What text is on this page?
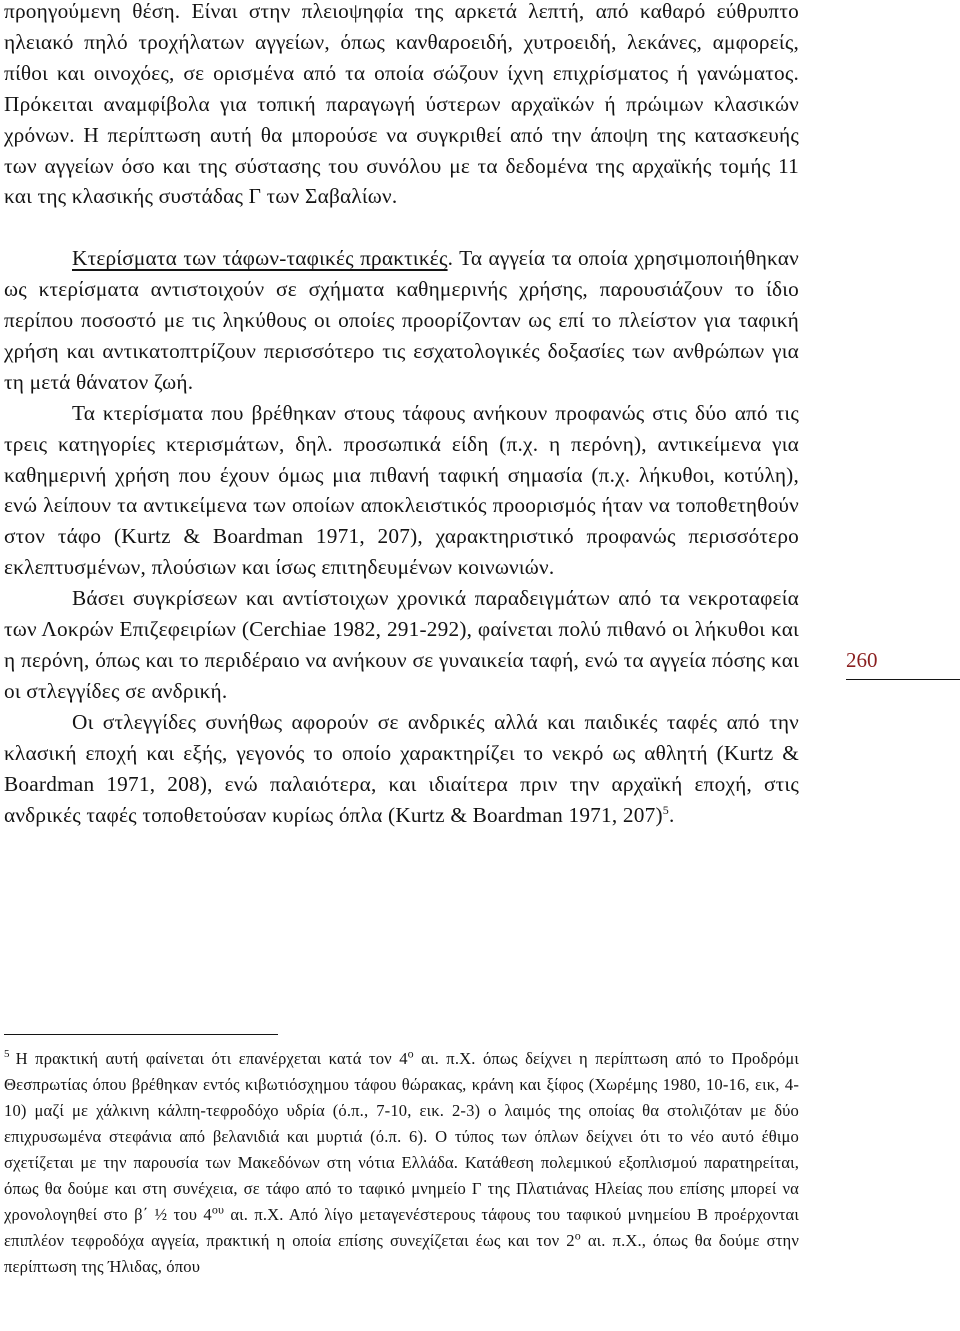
προηγούμενη θέση. Είναι στην πλειοψηφία της αρκετά λεπτή, από καθαρό εύθρυπτο ηλειακό πηλό τροχήλατων αγγείων, όπως κανθαροειδή, χυτροειδή, λεκάνες, αμφορείς, πίθοι και οινοχόες, σε ορισμένα από τα οποία σώζουν ίχνη επιχρίσματος ή γανώματος. Πρόκειται αναμφίβολα για τοπική παραγωγή ύστερων αρχαϊκών ή πρώιμων κλασικών χρόνων. Η περίπτωση αυτή θα μπορούσε να συγκριθεί από την άποψη της κατασκευής των αγγείων όσο και της σύστασης του συνόλου με τα δεδομένα της αρχαϊκής τομής 11 και της κλασικής συστάδας Γ των Σαβαλίων.

Κτερίσματα των τάφων-ταφικές πρακτικές. Τα αγγεία τα οποία χρησιμοποιήθηκαν ως κτερίσματα αντιστοιχούν σε σχήματα καθημερινής χρήσης, παρουσιάζουν το ίδιο περίπου ποσοστό με τις ληκύθους οι οποίες προορίζονταν ως επί το πλείστον για ταφική χρήση και αντικατοπτρίζουν περισσότερο τις εσχατολογικές δοξασίες των ανθρώπων για τη μετά θάνατον ζωή.

Τα κτερίσματα που βρέθηκαν στους τάφους ανήκουν προφανώς στις δύο από τις τρεις κατηγορίες κτερισμάτων, δηλ. προσωπικά είδη (π.χ. η περόνη), αντικείμενα για καθημερινή χρήση που έχουν όμως μια πιθανή ταφική σημασία (π.χ. λήκυθοι, κοτύλη), ενώ λείπουν τα αντικείμενα των οποίων αποκλειστικός προορισμός ήταν να τοποθετηθούν στον τάφο (Kurtz & Boardman 1971, 207), χαρακτηριστικό προφανώς περισσότερο εκλεπτυσμένων, πλούσιων και ίσως επιτηδευμένων κοινωνιών.

Βάσει συγκρίσεων και αντίστοιχων χρονικά παραδειγμάτων από τα νεκροταφεία των Λοκρών Επιζεφειρίων (Cerchiae 1982, 291-292), φαίνεται πολύ πιθανό οι λήκυθοι και η περόνη, όπως και το περιδέραιο να ανήκουν σε γυναικεία ταφή, ενώ τα αγγεία πόσης και οι στλεγγίδες σε ανδρική.

Οι στλεγγίδες συνήθως αφορούν σε ανδρικές αλλά και παιδικές ταφές από την κλασική εποχή και εξής, γεγονός το οποίο χαρακτηρίζει το νεκρό ως αθλητή (Kurtz & Boardman 1971, 208), ενώ παλαιότερα, και ιδιαίτερα πριν την αρχαϊκή εποχή, στις ανδρικές ταφές τοποθετούσαν κυρίως όπλα (Kurtz & Boardman 1971, 207)$^5$.

260

$^5$ Η πρακτική αυτή φαίνεται ότι επανέρχεται κατά τον $4^o$ αι. π.Χ. όπως δείχνει η περίπτωση από το Προδρόμι Θεσπρωτίας όπου βρέθηκαν εντός κιβωτιόσχημου τάφου θώρακας, κράνη και ξίφος (Χωρέμης 1980, 10-16, εικ, 4-10) μαζί με χάλκινη κάλπη-τεφροδόχο υδρία (ό.π., 7-10, εικ. 2-3) ο λαιμός της οποίας θα στολιζόταν με δύο επιχρυσωμένα στεφάνια από βελανιδιά και μυρτιά (ό.π. 6). Ο τύπος των όπλων δείχνει ότι το νέο αυτό έθιμο σχετίζεται με την παρουσία των Μακεδόνων στη νότια Ελλάδα. Κατάθεση πολεμικού εξοπλισμού παρατηρείται, όπως θα δούμε και στη συνέχεια, σε τάφο από το ταφικό μνημείο Γ της Πλατιάνας Ηλείας που επίσης μπορεί να χρονολογηθεί στο β΄ ½ του $4^{o\upsilon}$ αι. π.Χ. Από λίγο μεταγενέστερους τάφους του ταφικού μνημείου Β προέρχονται επιπλέον τεφροδόχα αγγεία, πρακτική η οποία επίσης συνεχίζεται έως και τον $2^o$ αι. π.Χ., όπως θα δούμε στην περίπτωση της Ήλιδας, όπου
